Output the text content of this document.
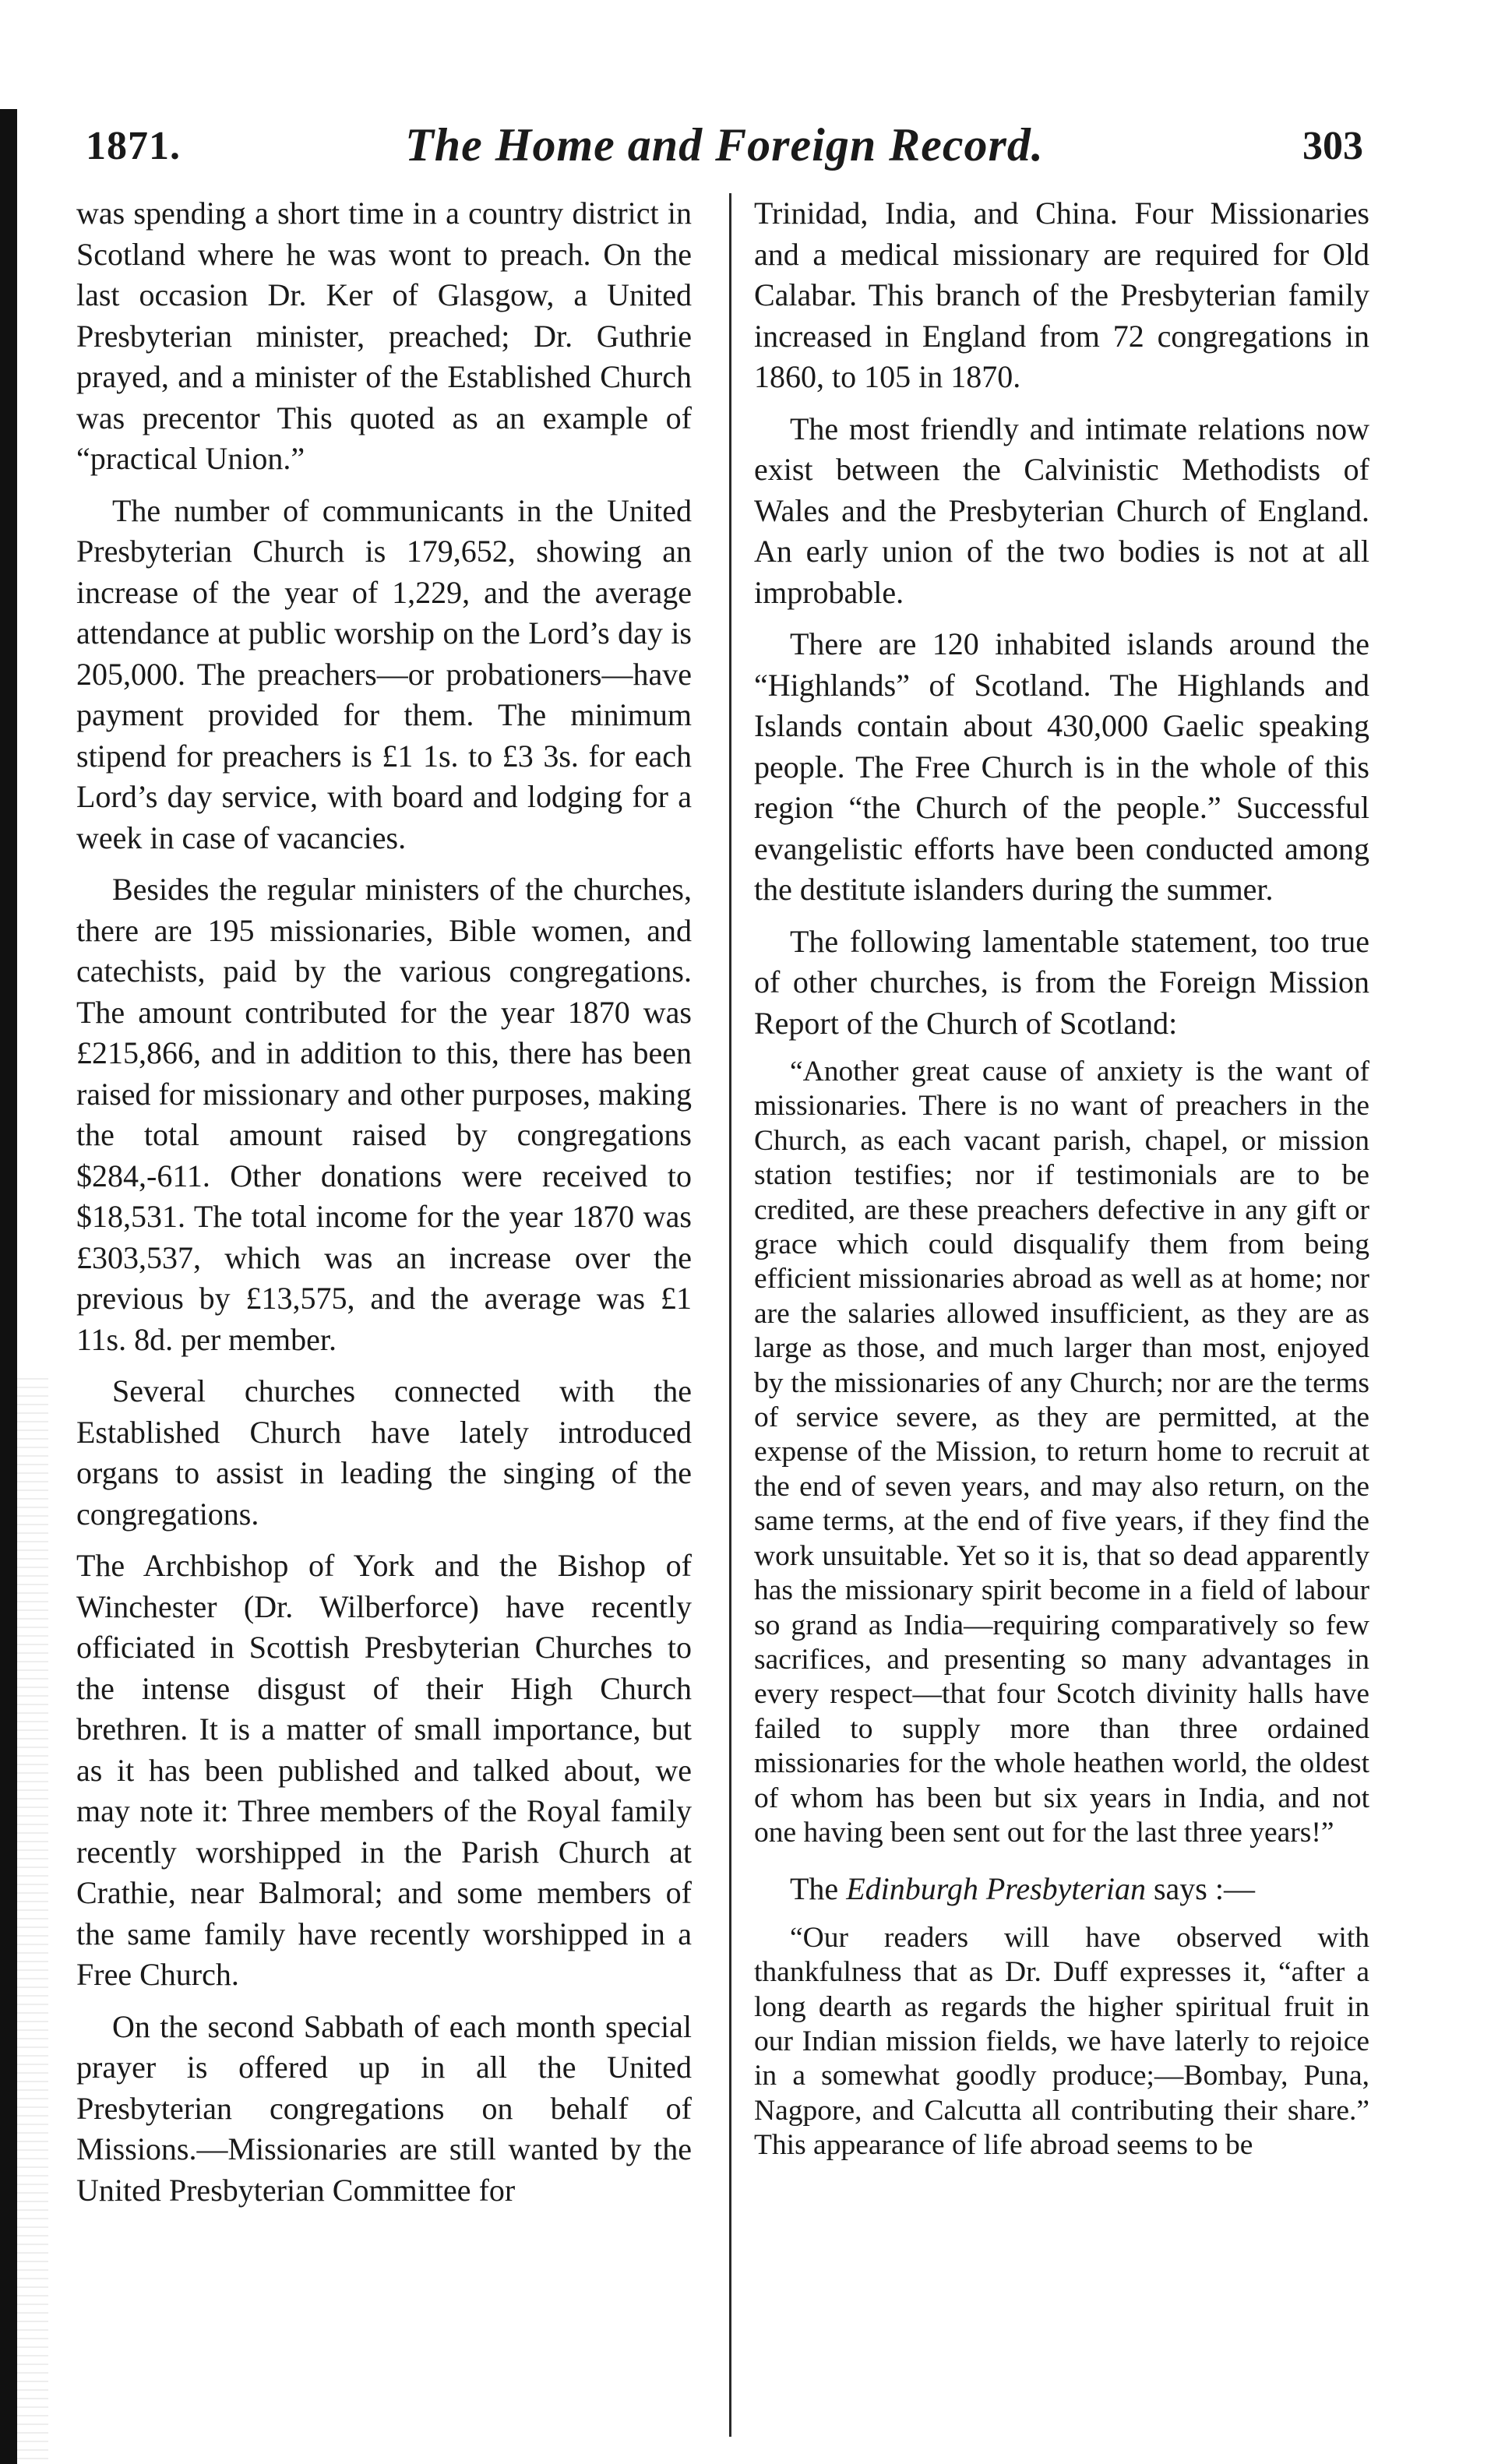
1871.	The Home and Foreign Record.	303

was spending a short time in a country district in Scotland where he was wont to preach. On the last occasion Dr. Ker of Glasgow, a United Presbyterian minister, preached; Dr. Guthrie prayed, and a minister of the Established Church was precentor This quoted as an example of “practical Union.”

The number of communicants in the United Presbyterian Church is 179,652, showing an increase of the year of 1,229, and the average attendance at public worship on the Lord’s day is 205,000. The preachers—or probationers—have payment provided for them. The minimum stipend for preachers is £1 1s. to £3 3s. for each Lord’s day service, with board and lodging for a week in case of vacancies.

Besides the regular ministers of the churches, there are 195 missionaries, Bible women, and catechists, paid by the various congregations. The amount contributed for the year 1870 was £215,866, and in addition to this, there has been raised for missionary and other purposes, making the total amount raised by congregations $284,-611. Other donations were received to $18,531. The total income for the year 1870 was £303,537, which was an increase over the previous by £13,575, and the average was £1 11s. 8d. per member.

Several churches connected with the Established Church have lately introduced organs to assist in leading the singing of the congregations.

The Archbishop of York and the Bishop of Winchester (Dr. Wilberforce) have recently officiated in Scottish Presbyterian Churches to the intense disgust of their High Church brethren. It is a matter of small importance, but as it has been published and talked about, we may note it: Three members of the Royal family recently worshipped in the Parish Church at Crathie, near Balmoral; and some members of the same family have recently worshipped in a Free Church.

On the second Sabbath of each month special prayer is offered up in all the United Presbyterian congregations on behalf of Missions.—Missionaries are still wanted by the United Presbyterian Committee for

Trinidad, India, and China. Four Missionaries and a medical missionary are required for Old Calabar. This branch of the Presbyterian family increased in England from 72 congregations in 1860, to 105 in 1870.

The most friendly and intimate relations now exist between the Calvinistic Methodists of Wales and the Presbyterian Church of England. An early union of the two bodies is not at all improbable.

There are 120 inhabited islands around the “Highlands” of Scotland. The Highlands and Islands contain about 430,000 Gaelic speaking people. The Free Church is in the whole of this region “the Church of the people.” Successful evangelistic efforts have been conducted among the destitute islanders during the summer.

The following lamentable statement, too true of other churches, is from the Foreign Mission Report of the Church of Scotland:

“Another great cause of anxiety is the want of missionaries. There is no want of preachers in the Church, as each vacant parish, chapel, or mission station testifies; nor if testimonials are to be credited, are these preachers defective in any gift or grace which could disqualify them from being efficient missionaries abroad as well as at home; nor are the salaries allowed insufficient, as they are as large as those, and much larger than most, enjoyed by the missionaries of any Church; nor are the terms of service severe, as they are permitted, at the expense of the Mission, to return home to recruit at the end of seven years, and may also return, on the same terms, at the end of five years, if they find the work unsuitable. Yet so it is, that so dead apparently has the missionary spirit become in a field of labour so grand as India—requiring comparatively so few sacrifices, and presenting so many advantages in every respect—that four Scotch divinity halls have failed to supply more than three ordained missionaries for the whole heathen world, the oldest of whom has been but six years in India, and not one having been sent out for the last three years!”

The Edinburgh Presbyterian says :—

“Our readers will have observed with thankfulness that as Dr. Duff expresses it, “after a long dearth as regards the higher spiritual fruit in our Indian mission fields, we have laterly to rejoice in a somewhat goodly produce;—Bombay, Puna, Nagpore, and Calcutta all contributing their share.” This appearance of life abroad seems to be
